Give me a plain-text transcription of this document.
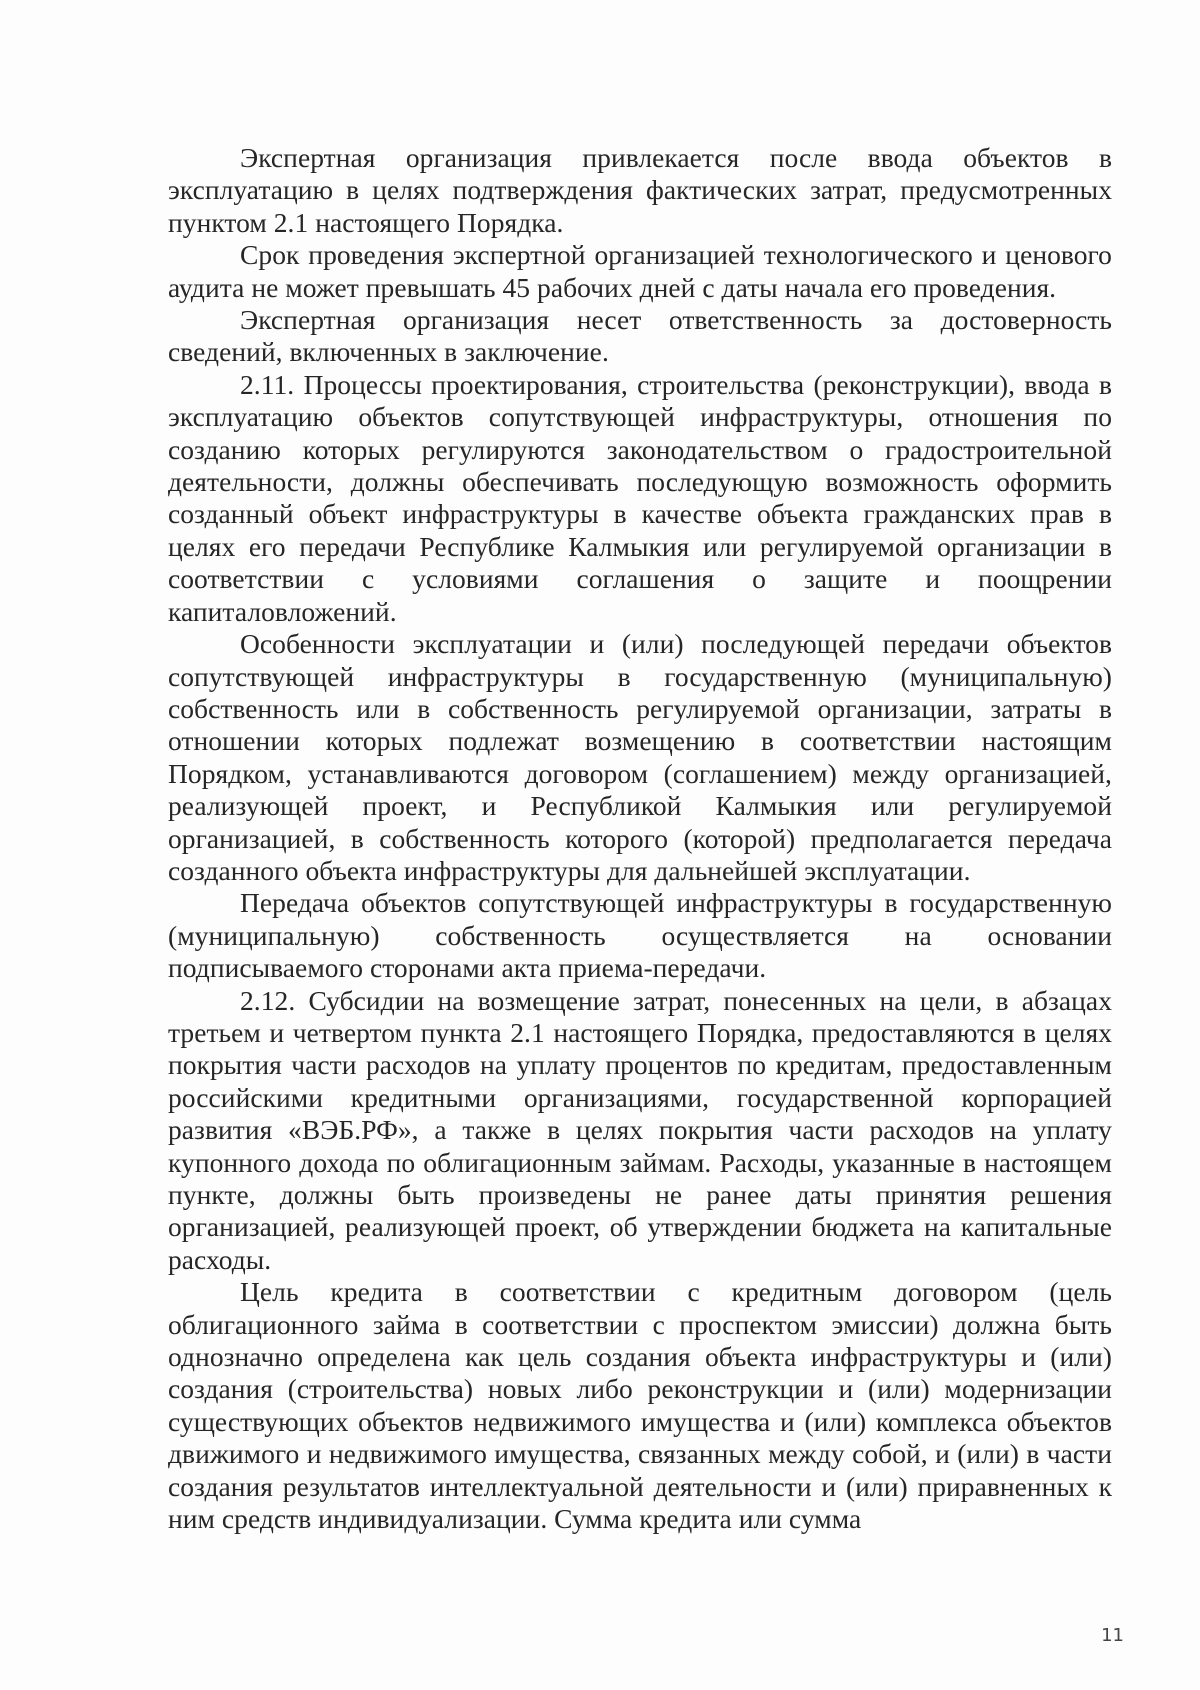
Экспертная организация привлекается после ввода объектов в эксплуатацию в целях подтверждения фактических затрат, предусмотренных пунктом 2.1 настоящего Порядка.

Срок проведения экспертной организацией технологического и ценового аудита не может превышать 45 рабочих дней с даты начала его проведения.

Экспертная организация несет ответственность за достоверность сведений, включенных в заключение.

2.11. Процессы проектирования, строительства (реконструкции), ввода в эксплуатацию объектов сопутствующей инфраструктуры, отношения по созданию которых регулируются законодательством о градостроительной деятельности, должны обеспечивать последующую возможность оформить созданный объект инфраструктуры в качестве объекта гражданских прав в целях его передачи Республике Калмыкия или регулируемой организации в соответствии с условиями соглашения о защите и поощрении капиталовложений.

Особенности эксплуатации и (или) последующей передачи объектов сопутствующей инфраструктуры в государственную (муниципальную) собственность или в собственность регулируемой организации, затраты в отношении которых подлежат возмещению в соответствии настоящим Порядком, устанавливаются договором (соглашением) между организацией, реализующей проект, и Республикой Калмыкия или регулируемой организацией, в собственность которого (которой) предполагается передача созданного объекта инфраструктуры для дальнейшей эксплуатации.

Передача объектов сопутствующей инфраструктуры в государственную (муниципальную) собственность осуществляется на основании подписываемого сторонами акта приема-передачи.

2.12. Субсидии на возмещение затрат, понесенных на цели, в абзацах третьем и четвертом пункта 2.1 настоящего Порядка, предоставляются в целях покрытия части расходов на уплату процентов по кредитам, предоставленным российскими кредитными организациями, государственной корпорацией развития «ВЭБ.РФ», а также в целях покрытия части расходов на уплату купонного дохода по облигационным займам. Расходы, указанные в настоящем пункте, должны быть произведены не ранее даты принятия решения организацией, реализующей проект, об утверждении бюджета на капитальные расходы.

Цель кредита в соответствии с кредитным договором (цель облигационного займа в соответствии с проспектом эмиссии) должна быть однозначно определена как цель создания объекта инфраструктуры и (или) создания (строительства) новых либо реконструкции и (или) модернизации существующих объектов недвижимого имущества и (или) комплекса объектов движимого и недвижимого имущества, связанных между собой, и (или) в части создания результатов интеллектуальной деятельности и (или) приравненных к ним средств индивидуализации. Сумма кредита или сумма

11
